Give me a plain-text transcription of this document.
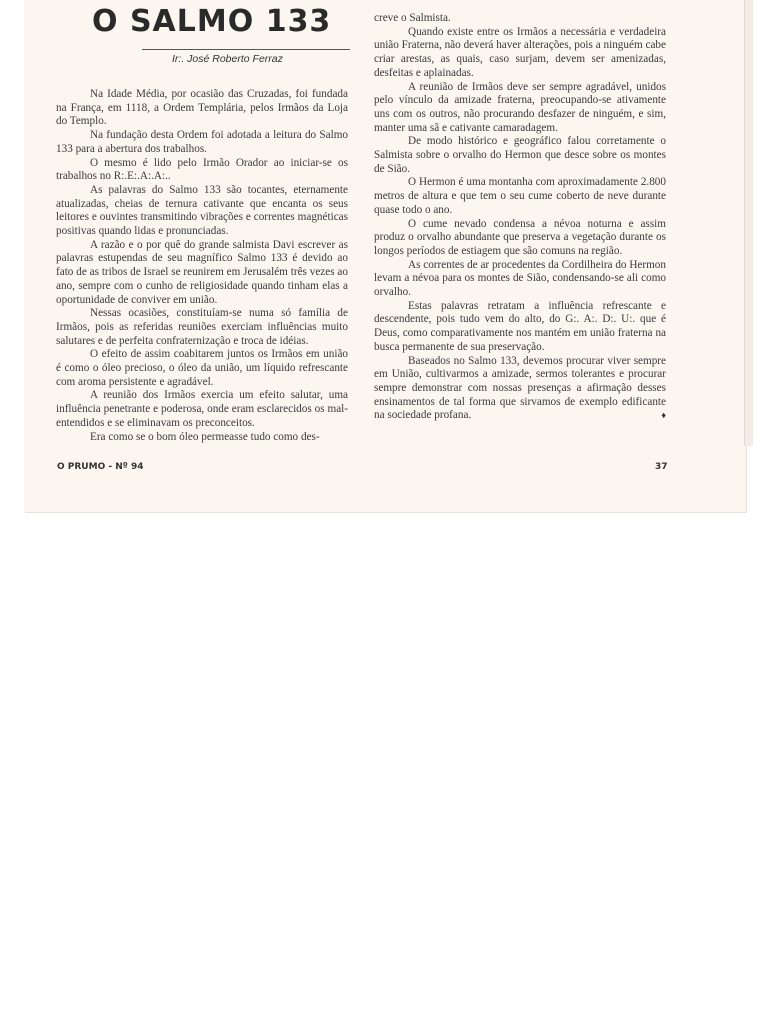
O SALMO 133
Ir:. José Roberto Ferraz

Na Idade Média, por ocasião das Cruzadas, foi fundada na França, em 1118, a Ordem Templária, pelos Irmãos da Loja do Templo.

Na fundação desta Ordem foi adotada a leitura do Salmo 133 para a abertura dos trabalhos.

O mesmo é lido pelo Irmão Orador ao iniciar-se os trabalhos no R:.E:.A:.A:..

As palavras do Salmo 133 são tocantes, eternamente atualizadas, cheias de ternura cativante que encanta os seus leitores e ouvintes transmitindo vibrações e correntes magnéticas positivas quando lidas e pronunciadas.

A razão e o por quê do grande salmista Davi escrever as palavras estupendas de seu magnífico Salmo 133 é devido ao fato de as tribos de Israel se reunirem em Jerusalém três vezes ao ano, sempre com o cunho de religiosidade quando tinham elas a oportunidade de conviver em união.

Nessas ocasiões, constituíam-se numa só família de Irmãos, pois as referidas reuniões exerciam influências muito salutares e de perfeita confraternização e troca de idéias.

O efeito de assim coabitarem juntos os Irmãos em união é como o óleo precioso, o óleo da união, um líquido refrescante com aroma persistente e agradável.

A reunião dos Irmãos exercia um efeito salutar, uma influência penetrante e poderosa, onde eram esclarecidos os mal-entendidos e se eliminavam os preconceitos.

Era como se o bom óleo permeasse tudo como des-

creve o Salmista.

Quando existe entre os Irmãos a necessária e verdadeira união Fraterna, não deverá haver alterações, pois a ninguém cabe criar arestas, as quais, caso surjam, devem ser amenizadas, desfeitas e aplainadas.

A reunião de Irmãos deve ser sempre agradável, unidos pelo vínculo da amizade fraterna, preocupando-se ativamente uns com os outros, não procurando desfazer de ninguém, e sim, manter uma sã e cativante camaradagem.

De modo histórico e geográfico falou corretamente o Salmista sobre o orvalho do Hermon que desce sobre os montes de Sião.

O Hermon é uma montanha com aproximadamente 2.800 metros de altura e que tem o seu cume coberto de neve durante quase todo o ano.

O cume nevado condensa a névoa noturna e assim produz o orvalho abundante que preserva a vegetação durante os longos períodos de estiagem que são comuns na região.

As correntes de ar procedentes da Cordilheira do Hermon levam a névoa para os montes de Sião, condensando-se ali como orvalho.

Estas palavras retratam a influência refrescante e descendente, pois tudo vem do alto, do G:. A:. D:. U:. que é Deus, como comparativamente nos mantém em união fraterna na busca permanente de sua preservação.

Baseados no Salmo 133, devemos procurar viver sempre em União, cultivarmos a amizade, sermos tolerantes e procurar sempre demonstrar com nossas presenças a afirmação desses ensinamentos de tal forma que sirvamos de exemplo edificante na sociedade profana.	♦

O PRUMO - Nº 94	37
